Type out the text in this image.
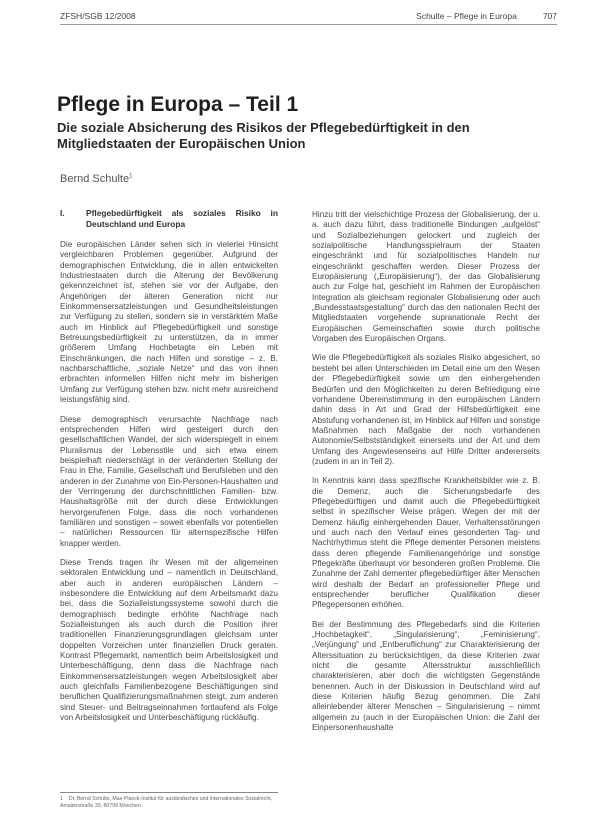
ZFSH/SGB 12/2008	Schulte – Pflege in Europa	707
Pflege in Europa – Teil 1
Die soziale Absicherung des Risikos der Pflegebedürftigkeit in den Mitgliedstaaten der Europäischen Union
Bernd Schulte$^1$
I.	Pflegebedürftigkeit als soziales Risiko in Deutschland und Europa

Die europäischen Länder sehen sich in vielerlei Hinsicht vergleichbaren Problemen gegenüber. Aufgrund der demographischen Entwicklung, die in allen entwickelten Industriestaaten durch die Alterung der Bevölkerung gekennzeichnet ist, stehen sie vor der Aufgabe, den Angehörigen der älteren Generation nicht nur Einkommensersatzleistungen und Gesundheitsleistungen zur Verfügung zu stellen, sondern sie in verstärktem Maße auch im Hinblick auf Pflegebedürftigkeit und sonstige Betreuungsbedürftigkeit zu unterstützen, da in immer größerem Umfang Hochbetagte ein Leben mit Einschränkungen, die nach Hilfen und sonstige – z. B. nachbarschaftliche, „soziale Netze“ und das von ihnen erbrachten informellen Hilfen nicht mehr im bisherigen Umfang zur Verfügung stehen bzw. nicht mehr ausreichend leistungsfähig sind.

Diese demographisch verursachte Nachfrage nach entsprechenden Hilfen wird gesteigert durch den gesellschaftlichen Wandel, der sich widerspiegelt in einem Pluralismus der Lebensstile und sich etwa einem beispielhaft niederschlägt in der veränderten Stellung der Frau in Ehe, Familie, Gesellschaft und Berufsleben und den anderen in der Zunahme von Ein-Personen-Haushalten und der Verringerung der durchschnittlichen Familien- bzw. Haushaltsgröße mit der durch diese Entwicklungen hervorgerufenen Folge, dass die noch vorhandenen familiären und sonstigen – soweit ebenfalls vor potentiellen – natürlichen Ressourcen für alternspezifische Hilfen knapper werden.

Diese Trends tragen ihr Wesen mit der allgemeinen sektoralen Entwicklung und – namentlich in Deutschland, aber auch in anderen europäischen Ländern – insbesondere die Entwicklung auf dem Arbeitsmarkt dazu bei, dass die Sozialleistungssysteme sowohl durch die demographisch bedingte erhöhte Nachfrage nach Sozialleistungen als auch durch die Position ihrer traditionellen Finanzierungsgrundlagen gleichsam unter doppelten Vorzeichen unter finanziellen Druck geraten. Kontrast Pflegemarkt, namentlich beim Arbeitslosigkeit und Unterbeschäftigung, denn dass die Nachfrage nach Einkommensersatzleistungen wegen Arbeitslosigkeit aber auch gleichfalls Familienbezogene Beschäftigungen sind beruflichen Qualifizierungsmaßnahmen steigt, zum anderen sind Steuer- und Beitragseinnahmen fortlaufend als Folge von Arbeitslosigkeit und Unterbeschäftigung rückläufig.

Hinzu tritt der vielschichtige Prozess der Globalisierung, der u. a. auch dazu führt, dass traditionelle Bindungen „aufgelöst“ und Sozialbeziehungen gelockert und zugleich der sozialpolitische Handlungsspielraum der Staaten eingeschränkt und für sozialpolitisches Handeln nur eingeschränkt geschaffen werden. Dieser Prozess der Europäisierung („Europäisierung“), der das Globalisierung auch zur Folge hat, geschieht im Rahmen der Europäischen Integration als gleichsam regionaler Globalisierung oder auch „Bundesstaatsgestaltung“ durch das den nationalen Recht der Mitgliedstaaten vorgehende supranationale Recht der Europäischen Gemeinschaften sowie durch politische Vorgaben des Europäischen Organs.

Wie die Pflegebedürftigkeit als soziales Risiko abgesichert, so besteht bei allen Unterschieden im Detail eine um den Wesen der Pflegebedürftigkeit sowie um den einhergehenden Bedürfen und den Möglichkeiten zu deren Befriedigung eine vorhandene Übereinstimmung in den europäischen Ländern dahin dass in Art und Grad der Hilfsbedürftigkeit eine Abstufung vorhandenen ist, im Hinblick auf Hilfen und sonstige Maßnahmen nach Maßgabe der noch vorhandenen Autonomie/Selbstständigkeit einerseits und der Art und dem Umfang des Angewiesenseins auf Hilfe Dritter andererseits (zudem in an in Teil 2).

In Kenntnis kann dass spezifische Krankheitsbilder wie z. B. die Demenz, auch die Sicherungsbedarfe des Pflegebedürftigen und damit auch die Pflegebedürftigkeit selbst in spezifischer Weise prägen. Wegen der mit der Demenz häufig einhergehenden Dauer, Verhaltensstörungen und auch nach den Verlauf eines gesonderten Tag- und Nachtrhythmus steht die Pflege dementer Personen meistens dass deren pflegende Familienangehörige und sonstige Pflegekräfte überhaupt vor besonderen großen Probleme. Die Zunahme der Zahl dementer pflegebedürftiger älter Menschen wird deshalb der Bedarf an professioneller Pflege und entsprechender beruflicher Qualifikation dieser Pflegepersonen erhöhen.

Bei der Bestimmung des Pflegebedarfs sind die Kriterien „Hochbetagkeit“, „Singularisierung“, „Feminisierung“, „Verjüngung“ und „Entberuflichung“ zur Charakterisierung der Alterssituation zu berücksichtigen, da diese Kriterien zwar nicht die gesamte Altersstruktur ausschließlich charakterisieren, aber doch die wichtigsten Gegenstände benennen. Auch in der Diskussion in Deutschland wird auf diese Kriterien häufig Bezug genommen. Die Zahl alleinlebender älterer Menschen – Singularisierung – nimmt allgemein zu (auch in der Europäischen Union: die Zahl der Einpersonenhaushalte

1 Dr. Bernd Schulte, Max-Planck-Institut für ausländisches und internationales Sozialrecht, Amalienstraße 33, 80799 München.
